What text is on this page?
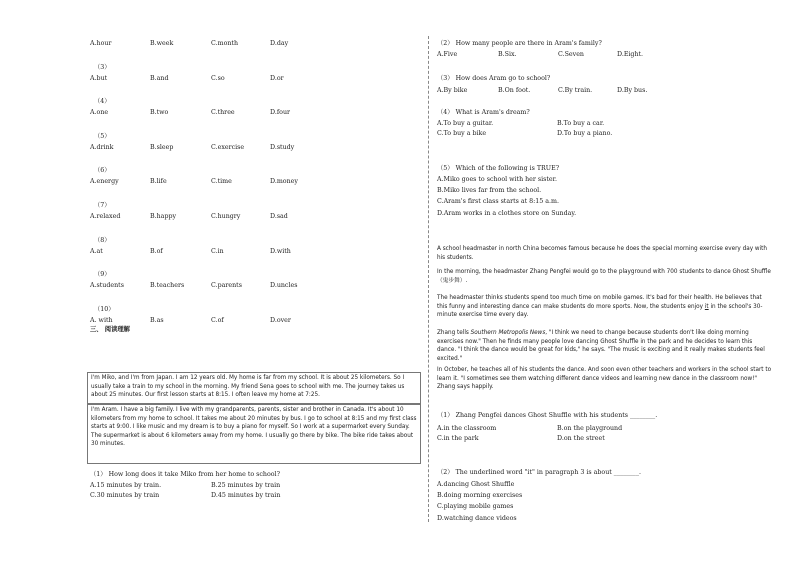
A.hour	B.week	C.month	D.day
（3）
A.but	B.and	C.so	D.or
（4）
A.one	B.two	C.three	D.four
（5）
A.drink	B.sleep	C.exercise	D.study
（6）
A.energy	B.life	C.time	D.money
（7）
A.relaxed	B.happy	C.hungry	D.sad
（8）
A.at	B.of	C.in	D.with
（9）
A.students	B.teachers	C.parents	D.uncles
（10）
A. with	B.as	C.of	D.over
三、 阅读理解

I'm Miko, and I'm from Japan. I am 12 years old. My home is far from my school. It is about 25 kilometers. So I usually take a train to my school in the morning. My friend Sena goes to school with me. The journey takes us about 25 minutes. Our first lesson starts at 8:15. I often leave my home at 7:25.

I'm Aram. I have a big family. I live with my grandparents, parents, sister and brother in Canada. It's about 10 kilometers from my home to school. It takes me about 20 minutes by bus. I go to school at 8:15 and my first class starts at 9:00. I like music and my dream is to buy a piano for myself. So I work at a supermarket every Sunday. The supermarket is about 6 kilometers away from my home. I usually go there by bike. The bike ride takes about 30 minutes.

（1） How long does it take Miko from her home to school?
A.15 minutes by train.	B.25 minutes by train
C.30 minutes by train	D.45 minutes by train
（2） How many people are there in Aram's family?
A.Five	B.Six.	C.Seven	D.Eight.
（3） How does Aram go to school?
A.By bike	B.On foot.	C.By train.	D.By bus.
（4） What is Aram's dream?
A.To buy a guitar.	B.To buy a car.
C.To buy a bike	D.To buy a piano.
（5） Which of the following is TRUE?
A.Miko goes to school with her sister.
B.Miko lives far from the school.
C.Aram's first class starts at 8:15 a.m.
D.Aram works in a clothes store on Sunday.
A school headmaster in north China becomes famous because he does the special morning exercise every day with his students.
In the morning, the headmaster Zhang Pengfei would go to the playground with 700 students to dance Ghost Shuffle（鬼步舞）.
The headmaster thinks students spend too much time on mobile games. It's bad for their health. He believes that this funny and interesting dance can make students do more sports. Now, the students enjoy it in the school's 30-minute exercise time every day.
Zhang tells Southern Metropolis News, "I think we need to change because students don't like doing morning exercises now." Then he finds many people love dancing Ghost Shuffle in the park and he decides to learn this dance. "I think the dance would be great for kids," he says. "The music is exciting and it really makes students feel excited."
In October, he teaches all of his students the dance. And soon even other teachers and workers in the school start to learn it. "I sometimes see them watching different dance videos and learning new dance in the classroom now!" Zhang says happily.
（1） Zhang Pengfei dances Ghost Shuffle with his students ________.
A.in the classroom	B.on the playground
C.in the park	D.on the street
（2） The underlined word "it" in paragraph 3 is about ________.
A.dancing Ghost Shuffle
B.doing morning exercises
C.playing mobile games
D.watching dance videos
